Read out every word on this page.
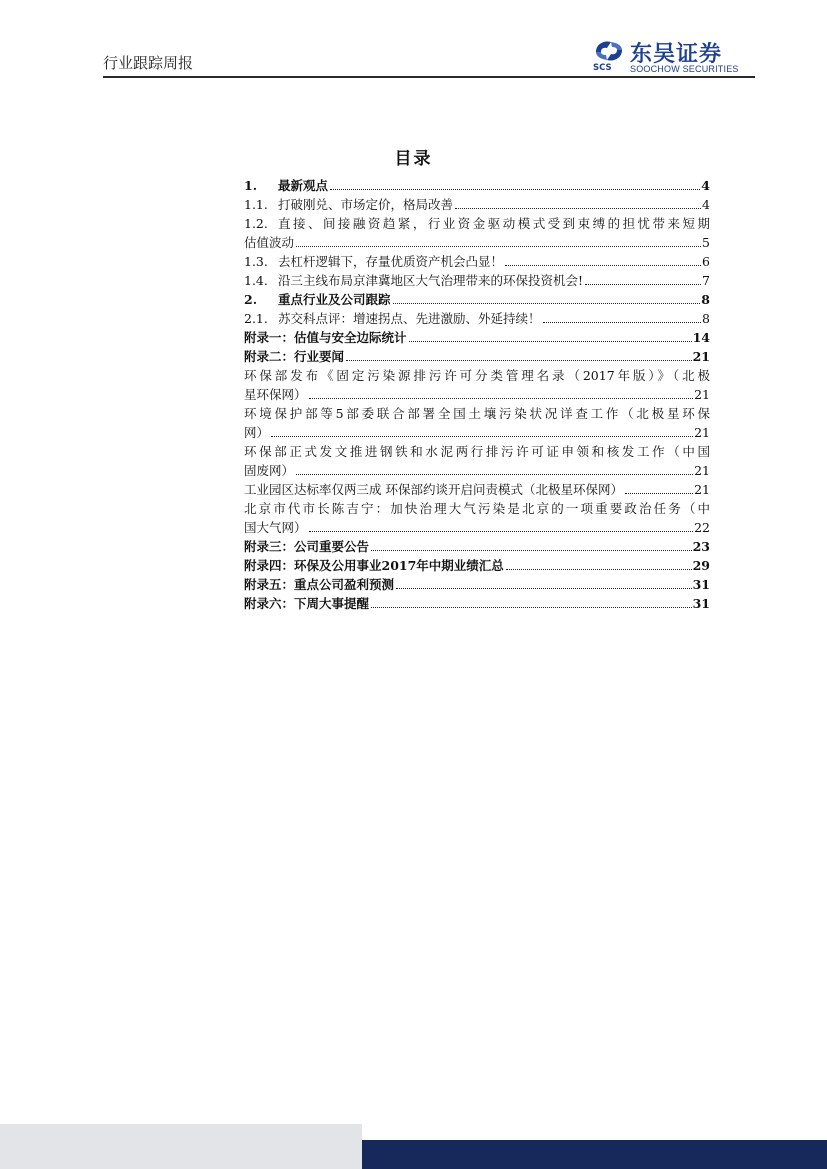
行业跟踪周报	SCS
东吴证券
SOOCHOW SECURITIES
目录
1.	最新观点	4
1.1. 打破刚兑、市场定价，格局改善	4
1.2. 直接、间接融资趋紧，行业资金驱动模式受到束缚的担忧带来短期
估值波动	5
1.3. 去杠杆逻辑下，存量优质资产机会凸显！	6
1.4. 沿三主线布局京津冀地区大气治理带来的环保投资机会!	7
2.	重点行业及公司跟踪	8
2.1. 苏交科点评：增速拐点、先进激励、外延持续！	8
附录一：估值与安全边际统计	14
附录二：行业要闻	21
环保部发布《固定污染源排污许可分类管理名录（2017年版）》（北极
星环保网）	21
环境保护部等5部委联合部署全国土壤污染状况详查工作（北极星环保
网）	21
环保部正式发文推进钢铁和水泥两行排污许可证申领和核发工作（中国
固废网）	21
工业园区达标率仅两三成 环保部约谈开启问责模式（北极星环保网）	21
北京市代市长陈吉宁：加快治理大气污染是北京的一项重要政治任务（中
国大气网）	22
附录三：公司重要公告	23
附录四：环保及公用事业2017年中期业绩汇总	29
附录五：重点公司盈利预测	31
附录六：下周大事提醒	31
